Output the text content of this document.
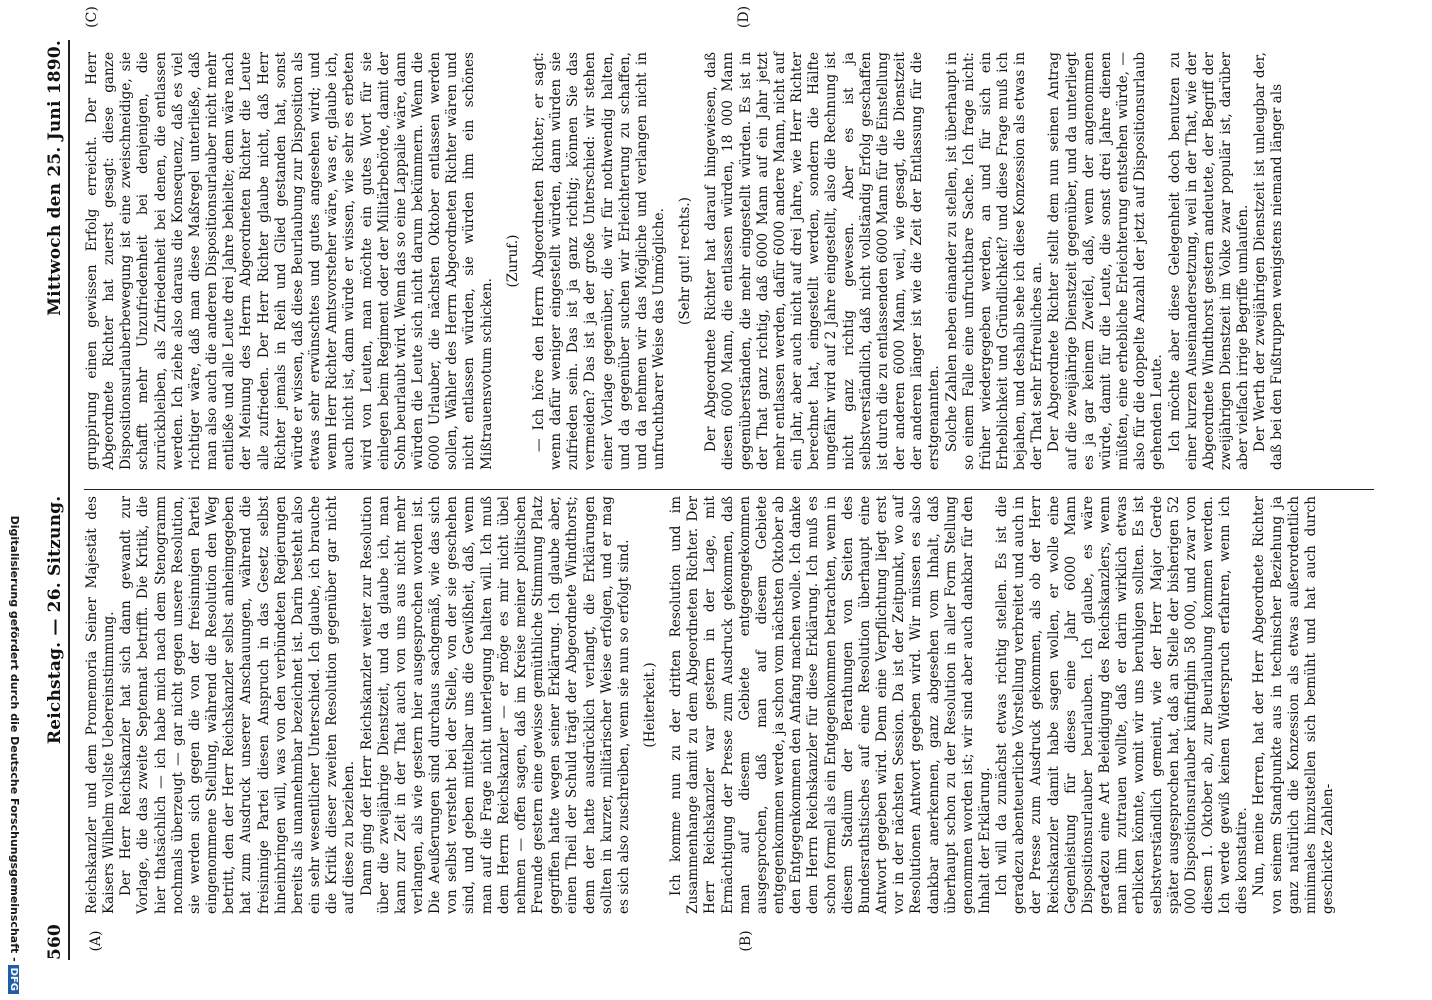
560
Reichstag. — 26. Sitzung.
Mittwoch den 25. Juni 1890.
(A)	(B)
(C)	(D)

Reichskanzler und dem Promemoria Seiner Majestät des Kaisers Wilhelm vollste Uebereinstimmung. Der Herr Reichskanzler hat sich dann gewandt zur Vorlage, die das zweite Septennat betrifft. Die Kritik, die hier thatsächlich — ich habe mich nach dem Stenogramm nochmals überzeugt — gar nicht gegen unsere Resolution, sie werden sich gegen die von der freisinnigen Partei eingenommene Stellung, während die Resolution den Weg betritt, den der Herr Reichskanzler selbst anheimgegeben hat zum Ausdruck unserer Anschauungen, während die freisinnige Partei diesen Anspruch in das Gesetz selbst hineinbringen will, was von den verbündeten Regierungen bereits als unannehmbar bezeichnet ist. Darin besteht also ein sehr wesentlicher Unterschied. Ich glaube, ich brauche die Kritik dieser zweiten Resolution gegenüber gar nicht auf diese zu beziehen. Dann ging der Herr Reichskanzler weiter zur Resolution über die zweijährige Dienstzeit, und da glaube ich, man kann zur Zeit in der That auch von uns aus nicht mehr verlangen, als wie gestern hier ausgesprochen worden ist. Die Aeußerungen sind durchaus sachgemäß, wie das sich von selbst versteht bei der Stelle, von der sie geschehen sind, und geben mittelbar uns die Gewißheit, daß, wenn man auf die Frage nicht unterlegung halten will. Ich muß dem Herrn Reichskanzler — er möge es mir nicht übel nehmen — offen sagen, daß im Kreise meiner politischen Freunde gestern eine gewisse gemüthliche Stimmung Platz gegriffen hatte wegen seiner Erklärung. Ich glaube aber, einen Theil der Schuld trägt der Abgeordnete Windthorst; denn der hatte ausdrücklich verlangt, die Erklärungen sollten in kurzer, militärischer Weise erfolgen, und er mag es sich also zuschreiben, wenn sie nun so erfolgt sind. (Heiterkeit.) Ich komme nun zu der dritten Resolution und im Zusammenhange damit zu dem Abgeordneten Richter. Der Herr Reichskanzler war gestern in der Lage, mit Ermächtigung der Presse zum Ausdruck gekommen, daß man auf diesem Gebiete entgegengekommen ausgesprochen, daß man auf diesem Gebiete entgegenkommen werde, ja schon vom nächsten Oktober ab den Entgegenkommen den Anfang machen wolle. Ich danke dem Herrn Reichskanzler für diese Erklärung. Ich muß es schon formell als ein Entgegenkommen betrachten, wenn in diesem Stadium der Berathungen von Seiten des Bundesrathstisches auf eine Resolution überhaupt eine Antwort gegeben wird. Denn eine Verpflichtung liegt erst vor in der nächsten Session. Da ist der Zeitpunkt, wo auf Resolutionen Antwort gegeben wird. Wir müssen es also dankbar anerkennen, ganz abgesehen vom Inhalt, daß überhaupt schon zu der Resolution in aller Form Stellung genommen worden ist; wir sind aber auch dankbar für den Inhalt der Erklärung. Ich will da zunächst etwas richtig stellen. Es ist die geradezu abenteuerliche Vorstellung verbreitet und auch in der Presse zum Ausdruck gekommen, als ob der Herr Reichskanzler damit habe sagen wollen, er wolle eine Gegenleistung für dieses eine Jahr 6000 Mann Dispositionsurlauber beurlauben. Ich glaube, es wäre geradezu eine Art Beleidigung des Reichskanzlers, wenn man ihm zutrauen wollte, daß er darin wirklich etwas erblicken könnte, womit wir uns beruhigen sollten. Es ist selbstverständlich gemeint, wie der Herr Major Gerde später ausgesprochen hat, daß an Stelle der bisherigen 52 000 Dispositionsurlauber künftighin 58 000, und zwar von diesem 1. Oktober ab, zur Beurlaubung kommen werden. Ich werde gewiß keinen Widerspruch erfahren, wenn ich dies konstatire. Nun, meine Herren, hat der Herr Abgeordnete Richter von seinem Standpunkte aus in technischer Beziehung ja ganz natürlich die Konzession als etwas außerordentlich minimales hinzustellen sich bemüht und hat auch durch geschickte Zahlen-

gruppirung einen gewissen Erfolg erreicht. Der Herr Abgeordnete Richter hat zuerst gesagt: diese ganze Dispositionsurlauberbewegung ist eine zweischneidige, sie schafft mehr Unzufriedenheit bei denjenigen, die zurückbleiben, als Zufriedenheit bei denen, die entlassen werden. Ich ziehe also daraus die Konsequenz, daß es viel richtiger wäre, daß man diese Maßregel unterließe, daß man also auch die anderen Dispositionsurlauber nicht mehr entließe und alle Leute drei Jahre behielte; denn wäre nach der Meinung des Herrn Abgeordneten Richter die Leute alle zufrieden. Der Herr Richter glaube nicht, daß Herr Richter jemals in Reih und Glied gestanden hat, sonst würde er wissen, daß diese Beurlaubung zur Disposition als etwas sehr erwünschtes und gutes angesehen wird; und wenn Herr Richter Amtsvorsteher wäre, was er, glaube ich, auch nicht ist, dann würde er wissen, wie sehr es erbeten wird von Leuten, man möchte ein gutes Wort für sie einlegen beim Regiment oder der Militärbehörde, damit der Sohn beurlaubt wird. Wenn das so eine Lappalie wäre, dann würden die Leute sich nicht darum bekümmern. Wenn die 6000 Urlauber, die nächsten Oktober entlassen werden sollen, Wähler des Herrn Abgeordneten Richter wären und nicht entlassen würden, sie würden ihm ein schönes Mißtrauensvotum schicken.

(Zuruf.) — Ich höre den Herrn Abgeordneten Richter; er sagt: wenn dafür weniger eingestellt würden, dann würden sie zufrieden sein. Das ist ja ganz richtig; können Sie das vermeiden? Das ist ja der große Unterschied: wir stehen einer Vorlage gegenüber, die wir für nothwendig halten, und da gegenüber suchen wir Erleichterung zu schaffen, und da nehmen wir das Mögliche und verlangen nicht in unfruchtbarer Weise das Unmögliche. (Sehr gut! rechts.) Der Abgeordnete Richter hat darauf hingewiesen, daß diesen 6000 Mann, die entlassen würden, 18 000 Mann gegenüberständen, die mehr eingestellt würden. Es ist in der That ganz richtig, daß 6000 Mann auf ein Jahr jetzt mehr entlassen werden, dafür 6000 andere Mann, nicht auf ein Jahr, aber auch nicht auf drei Jahre, wie Herr Richter berechnet hat, eingestellt werden, sondern die Hälfte ungefähr wird auf 2 Jahre eingestellt, also die Rechnung ist nicht ganz richtig gewesen. Aber es ist ja selbstverständlich, daß nicht vollständig Erfolg geschaffen ist durch die zu entlassenden 6000 Mann für die Einstellung der anderen 6000 Mann, weil, wie gesagt, die Dienstzeit der anderen länger ist wie die Zeit der Entlassung für die erstgenannten. Solche Zahlen neben einander zu stellen, ist überhaupt in so einem Falle eine unfruchtbare Sache. Ich frage nicht: früher wiedergegeben werden, an und für sich ein Erheblichkeit und Gründlichkeit? und diese Frage muß ich bejahen, und deshalb sehe ich diese Konzession als etwas in der That sehr Erfreuliches an. Der Abgeordnete Richter stellt dem nun seinen Antrag auf die zweijährige Dienstzeit gegenüber, und da unterliegt es ja gar keinem Zweifel, daß, wenn der angenommen würde, damit für die Leute, die sonst drei Jahre dienen müßten, eine erhebliche Erleichterung entstehen würde, — also für die doppelte Anzahl der jetzt auf Dispositionsurlaub gehenden Leute. Ich möchte aber diese Gelegenheit doch benutzen zu einer kurzen Auseinandersetzung, weil in der That, wie der Abgeordnete Windthorst gestern andeutete, der Begriff der zweijährigen Dienstzeit im Volke zwar populär ist, darüber aber vielfach irrige Begriffe umlaufen. Der Werth der zweijährigen Dienstzeit ist unleugbar der, daß bei den Fußtruppen wenigstens niemand länger als

Digitalisierung gefördert durch die Deutsche Forschungsgemeinschaft -DFG
